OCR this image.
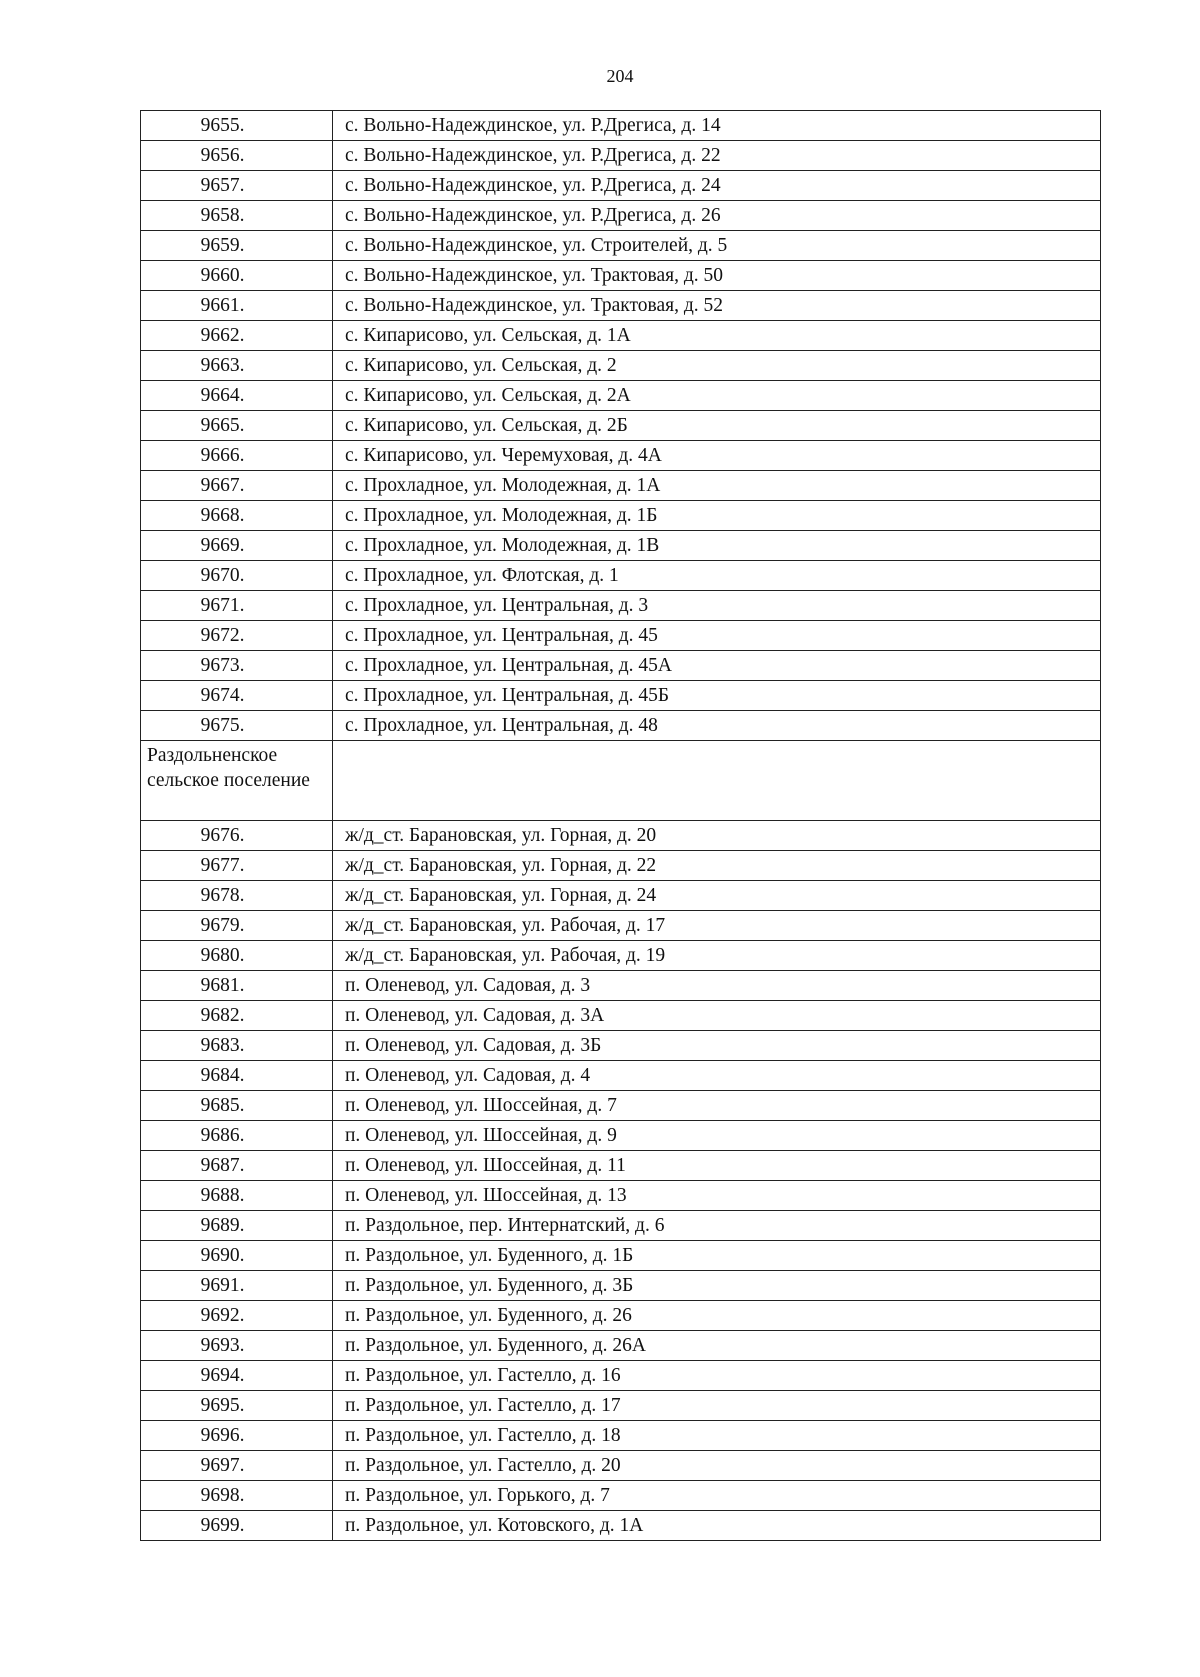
204
9655.	с. Вольно-Надеждинское, ул. Р.Дрегиса, д. 14
9656.	с. Вольно-Надеждинское, ул. Р.Дрегиса, д. 22
9657.	с. Вольно-Надеждинское, ул. Р.Дрегиса, д. 24
9658.	с. Вольно-Надеждинское, ул. Р.Дрегиса, д. 26
9659.	с. Вольно-Надеждинское, ул. Строителей, д. 5
9660.	с. Вольно-Надеждинское, ул. Трактовая, д. 50
9661.	с. Вольно-Надеждинское, ул. Трактовая, д. 52
9662.	с. Кипарисово, ул. Сельская, д. 1А
9663.	с. Кипарисово, ул. Сельская, д. 2
9664.	с. Кипарисово, ул. Сельская, д. 2А
9665.	с. Кипарисово, ул. Сельская, д. 2Б
9666.	с. Кипарисово, ул. Черемуховая, д. 4А
9667.	с. Прохладное, ул. Молодежная, д. 1А
9668.	с. Прохладное, ул. Молодежная, д. 1Б
9669.	с. Прохладное, ул. Молодежная, д. 1В
9670.	с. Прохладное, ул. Флотская, д. 1
9671.	с. Прохладное, ул. Центральная, д. 3
9672.	с. Прохладное, ул. Центральная, д. 45
9673.	с. Прохладное, ул. Центральная, д. 45А
9674.	с. Прохладное, ул. Центральная, д. 45Б
9675.	с. Прохладное, ул. Центральная, д. 48
Раздольненское сельское поселение	
9676.	ж/д_ст. Барановская, ул. Горная, д. 20
9677.	ж/д_ст. Барановская, ул. Горная, д. 22
9678.	ж/д_ст. Барановская, ул. Горная, д. 24
9679.	ж/д_ст. Барановская, ул. Рабочая, д. 17
9680.	ж/д_ст. Барановская, ул. Рабочая, д. 19
9681.	п. Оленевод, ул. Садовая, д. 3
9682.	п. Оленевод, ул. Садовая, д. 3А
9683.	п. Оленевод, ул. Садовая, д. 3Б
9684.	п. Оленевод, ул. Садовая, д. 4
9685.	п. Оленевод, ул. Шоссейная, д. 7
9686.	п. Оленевод, ул. Шоссейная, д. 9
9687.	п. Оленевод, ул. Шоссейная, д. 11
9688.	п. Оленевод, ул. Шоссейная, д. 13
9689.	п. Раздольное, пер. Интернатский, д. 6
9690.	п. Раздольное, ул. Буденного, д. 1Б
9691.	п. Раздольное, ул. Буденного, д. 3Б
9692.	п. Раздольное, ул. Буденного, д. 26
9693.	п. Раздольное, ул. Буденного, д. 26А
9694.	п. Раздольное, ул. Гастелло, д. 16
9695.	п. Раздольное, ул. Гастелло, д. 17
9696.	п. Раздольное, ул. Гастелло, д. 18
9697.	п. Раздольное, ул. Гастелло, д. 20
9698.	п. Раздольное, ул. Горького, д. 7
9699.	п. Раздольное, ул. Котовского, д. 1А
